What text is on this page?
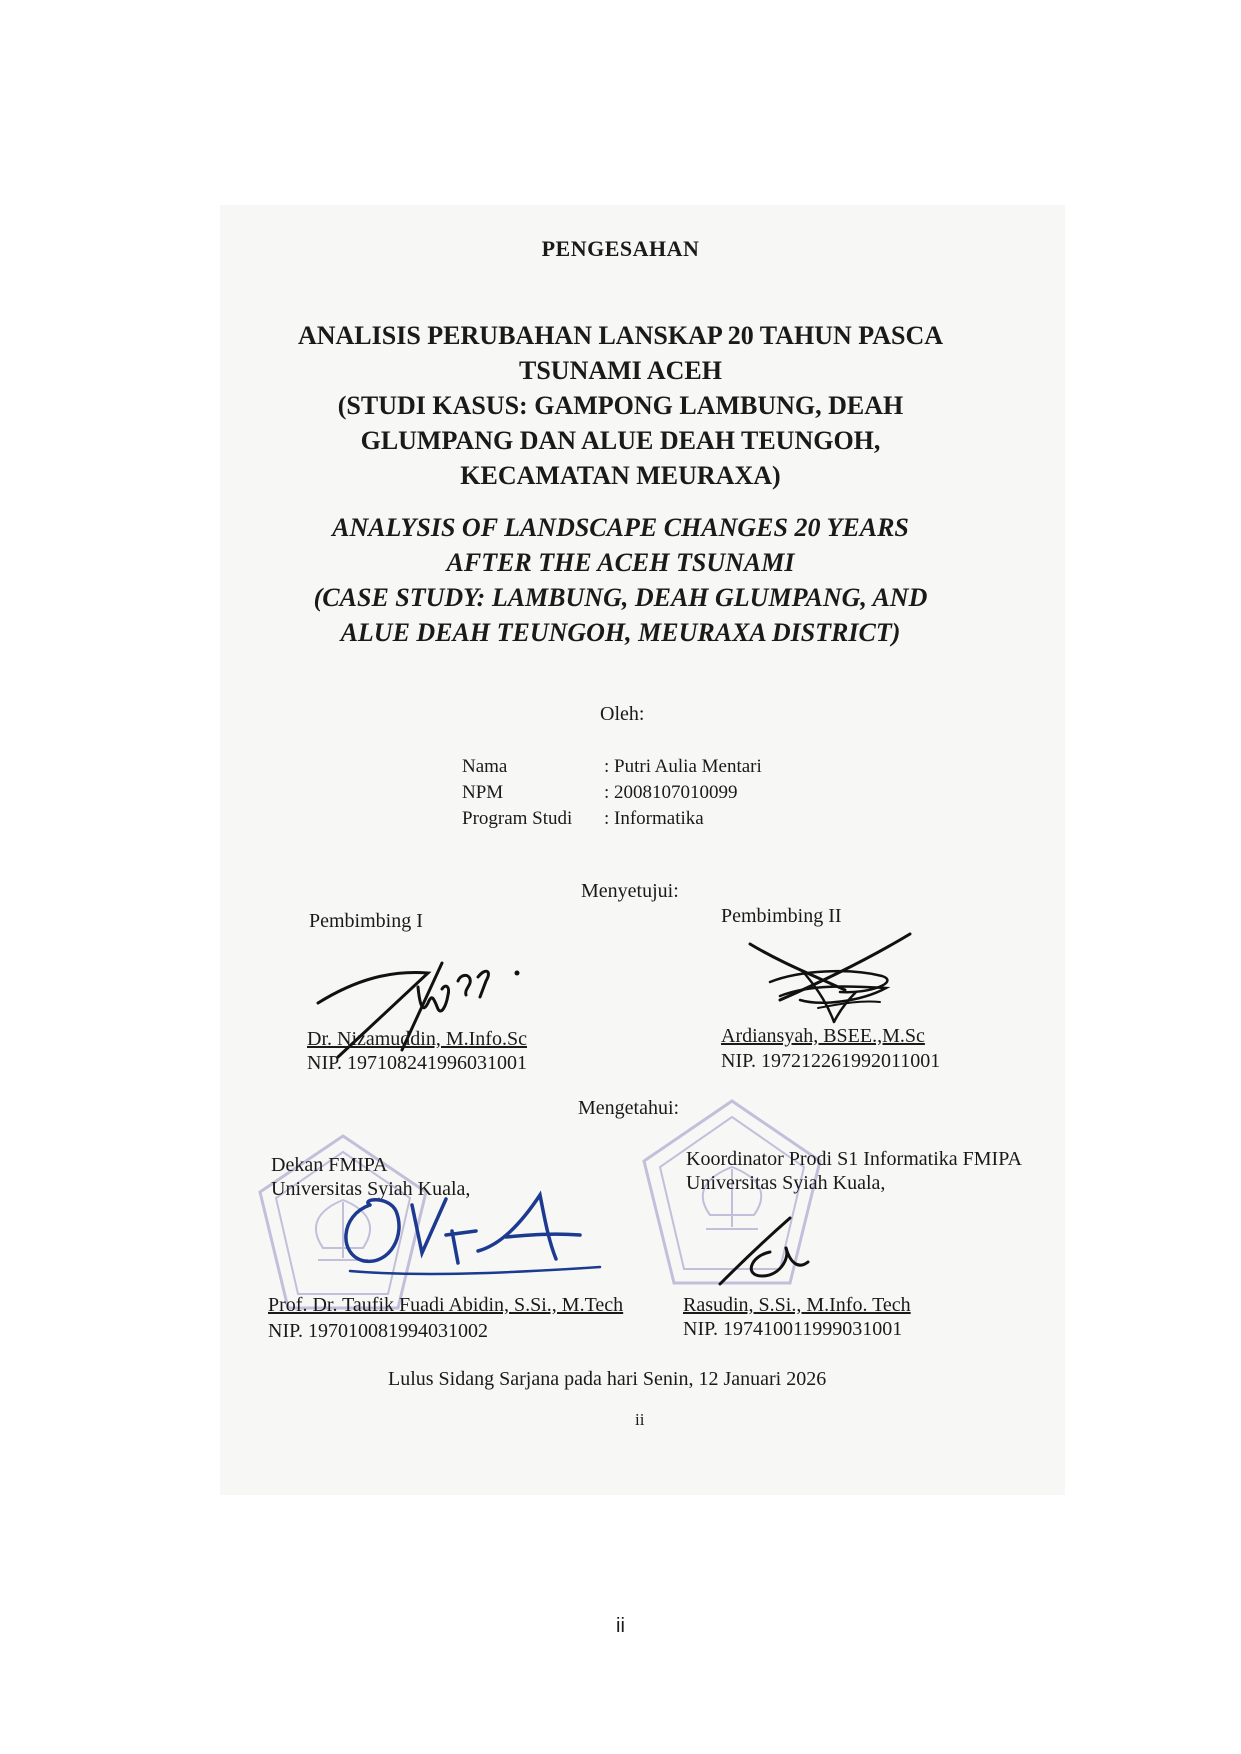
PENGESAHAN
ANALISIS PERUBAHAN LANSKAP 20 TAHUN PASCA
TSUNAMI ACEH
(STUDI KASUS: GAMPONG LAMBUNG, DEAH
GLUMPANG DAN ALUE DEAH TEUNGOH,
KECAMATAN MEURAXA)
ANALYSIS OF LANDSCAPE CHANGES 20 YEARS
AFTER THE ACEH TSUNAMI
(CASE STUDY: LAMBUNG, DEAH GLUMPANG, AND
ALUE DEAH TEUNGOH, MEURAXA DISTRICT)
Oleh:
Nama	: Putri Aulia Mentari
NPM	: 2008107010099
Program Studi : Informatika
Menyetujui:
Pembimbing I	Pembimbing II
Dr. Nizamuddin, M.Info.Sc
NIP. 197108241996031001
Ardiansyah, BSEE.,M.Sc
NIP. 197212261992011001
Mengetahui:
Dekan FMIPA
Universitas Syiah Kuala,
Koordinator Prodi S1 Informatika FMIPA
Universitas Syiah Kuala,
Prof. Dr. Taufik Fuadi Abidin, S.Si., M.Tech
NIP. 197010081994031002
Rasudin, S.Si., M.Info. Tech
NIP. 197410011999031001
Lulus Sidang Sarjana pada hari Senin, 12 Januari 2026
ii
ii
